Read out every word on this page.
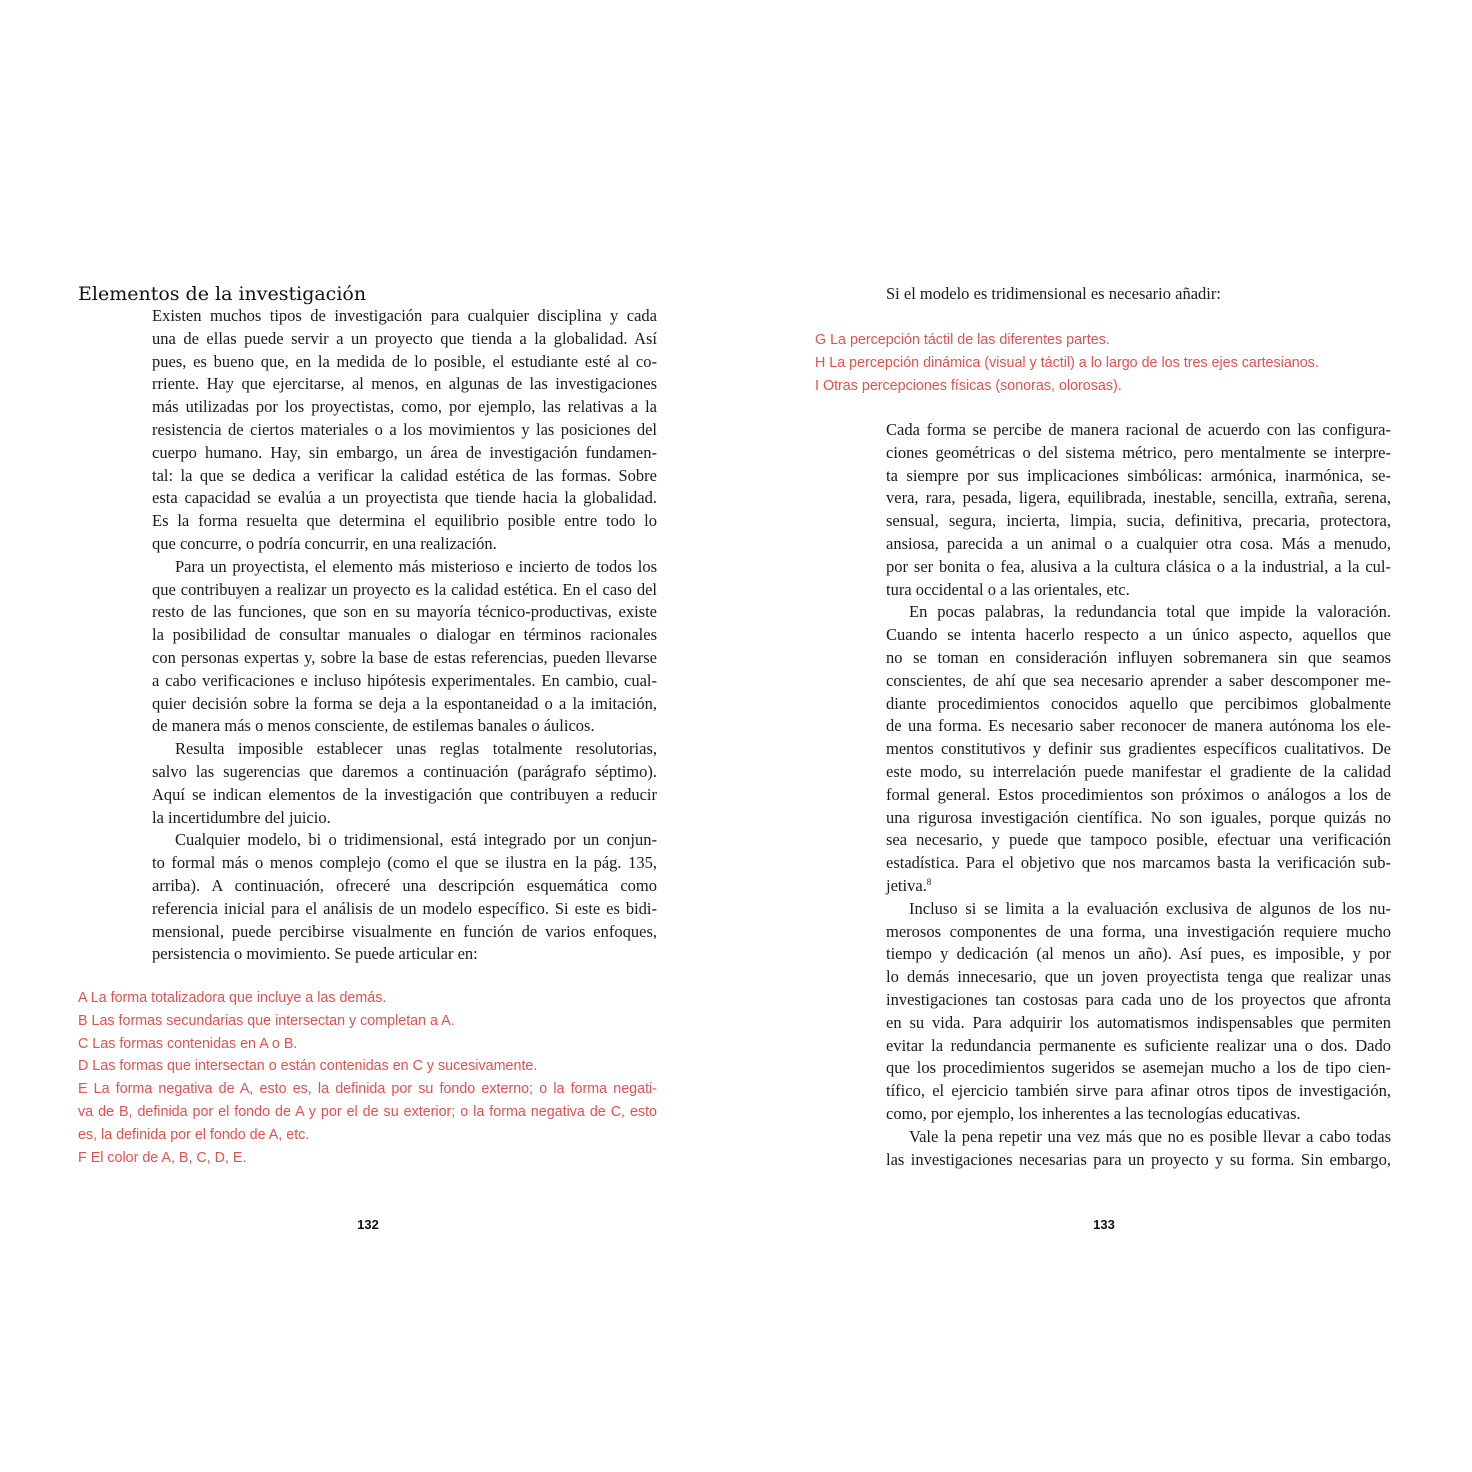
Elementos de la investigación
Existen muchos tipos de investigación para cualquier disciplina y cada
una de ellas puede servir a un proyecto que tienda a la globalidad. Así
pues, es bueno que, en la medida de lo posible, el estudiante esté al co-
rriente. Hay que ejercitarse, al menos, en algunas de las investigaciones
más utilizadas por los proyectistas, como, por ejemplo, las relativas a la
resistencia de ciertos materiales o a los movimientos y las posiciones del
cuerpo humano. Hay, sin embargo, un área de investigación fundamen-
tal: la que se dedica a verificar la calidad estética de las formas. Sobre
esta capacidad se evalúa a un proyectista que tiende hacia la globalidad.
Es la forma resuelta que determina el equilibrio posible entre todo lo
que concurre, o podría concurrir, en una realización.
Para un proyectista, el elemento más misterioso e incierto de todos los
que contribuyen a realizar un proyecto es la calidad estética. En el caso del
resto de las funciones, que son en su mayoría técnico-productivas, existe
la posibilidad de consultar manuales o dialogar en términos racionales
con personas expertas y, sobre la base de estas referencias, pueden llevarse
a cabo verificaciones e incluso hipótesis experimentales. En cambio, cual-
quier decisión sobre la forma se deja a la espontaneidad o a la imitación,
de manera más o menos consciente, de estilemas banales o áulicos.
Resulta imposible establecer unas reglas totalmente resolutorias,
salvo las sugerencias que daremos a continuación (parágrafo séptimo).
Aquí se indican elementos de la investigación que contribuyen a reducir
la incertidumbre del juicio.
Cualquier modelo, bi o tridimensional, está integrado por un conjun-
to formal más o menos complejo (como el que se ilustra en la pág. 135,
arriba). A continuación, ofreceré una descripción esquemática como
referencia inicial para el análisis de un modelo específico. Si este es bidi-
mensional, puede percibirse visualmente en función de varios enfoques,
persistencia o movimiento. Se puede articular en:
A La forma totalizadora que incluye a las demás.
B Las formas secundarias que intersectan y completan a A.
C Las formas contenidas en A o B.
D Las formas que intersectan o están contenidas en C y sucesivamente.
E La forma negativa de A, esto es, la definida por su fondo externo; o la forma negati-
va de B, definida por el fondo de A y por el de su exterior; o la forma negativa de C, esto
es, la definida por el fondo de A, etc.
F El color de A, B, C, D, E.
132
Si el modelo es tridimensional es necesario añadir:
G La percepción táctil de las diferentes partes.
H La percepción dinámica (visual y táctil) a lo largo de los tres ejes cartesianos.
I Otras percepciones físicas (sonoras, olorosas).
Cada forma se percibe de manera racional de acuerdo con las configura-
ciones geométricas o del sistema métrico, pero mentalmente se interpre-
ta siempre por sus implicaciones simbólicas: armónica, inarmónica, se-
vera, rara, pesada, ligera, equilibrada, inestable, sencilla, extraña, serena,
sensual, segura, incierta, limpia, sucia, definitiva, precaria, protectora,
ansiosa, parecida a un animal o a cualquier otra cosa. Más a menudo,
por ser bonita o fea, alusiva a la cultura clásica o a la industrial, a la cul-
tura occidental o a las orientales, etc.
En pocas palabras, la redundancia total que impide la valoración.
Cuando se intenta hacerlo respecto a un único aspecto, aquellos que
no se toman en consideración influyen sobremanera sin que seamos
conscientes, de ahí que sea necesario aprender a saber descomponer me-
diante procedimientos conocidos aquello que percibimos globalmente
de una forma. Es necesario saber reconocer de manera autónoma los ele-
mentos constitutivos y definir sus gradientes específicos cualitativos. De
este modo, su interrelación puede manifestar el gradiente de la calidad
formal general. Estos procedimientos son próximos o análogos a los de
una rigurosa investigación científica. No son iguales, porque quizás no
sea necesario, y puede que tampoco posible, efectuar una verificación
estadística. Para el objetivo que nos marcamos basta la verificación sub-
jetiva.$^8$
Incluso si se limita a la evaluación exclusiva de algunos de los nu-
merosos componentes de una forma, una investigación requiere mucho
tiempo y dedicación (al menos un año). Así pues, es imposible, y por
lo demás innecesario, que un joven proyectista tenga que realizar unas
investigaciones tan costosas para cada uno de los proyectos que afronta
en su vida. Para adquirir los automatismos indispensables que permiten
evitar la redundancia permanente es suficiente realizar una o dos. Dado
que los procedimientos sugeridos se asemejan mucho a los de tipo cien-
tífico, el ejercicio también sirve para afinar otros tipos de investigación,
como, por ejemplo, los inherentes a las tecnologías educativas.
Vale la pena repetir una vez más que no es posible llevar a cabo todas
las investigaciones necesarias para un proyecto y su forma. Sin embargo,
133
